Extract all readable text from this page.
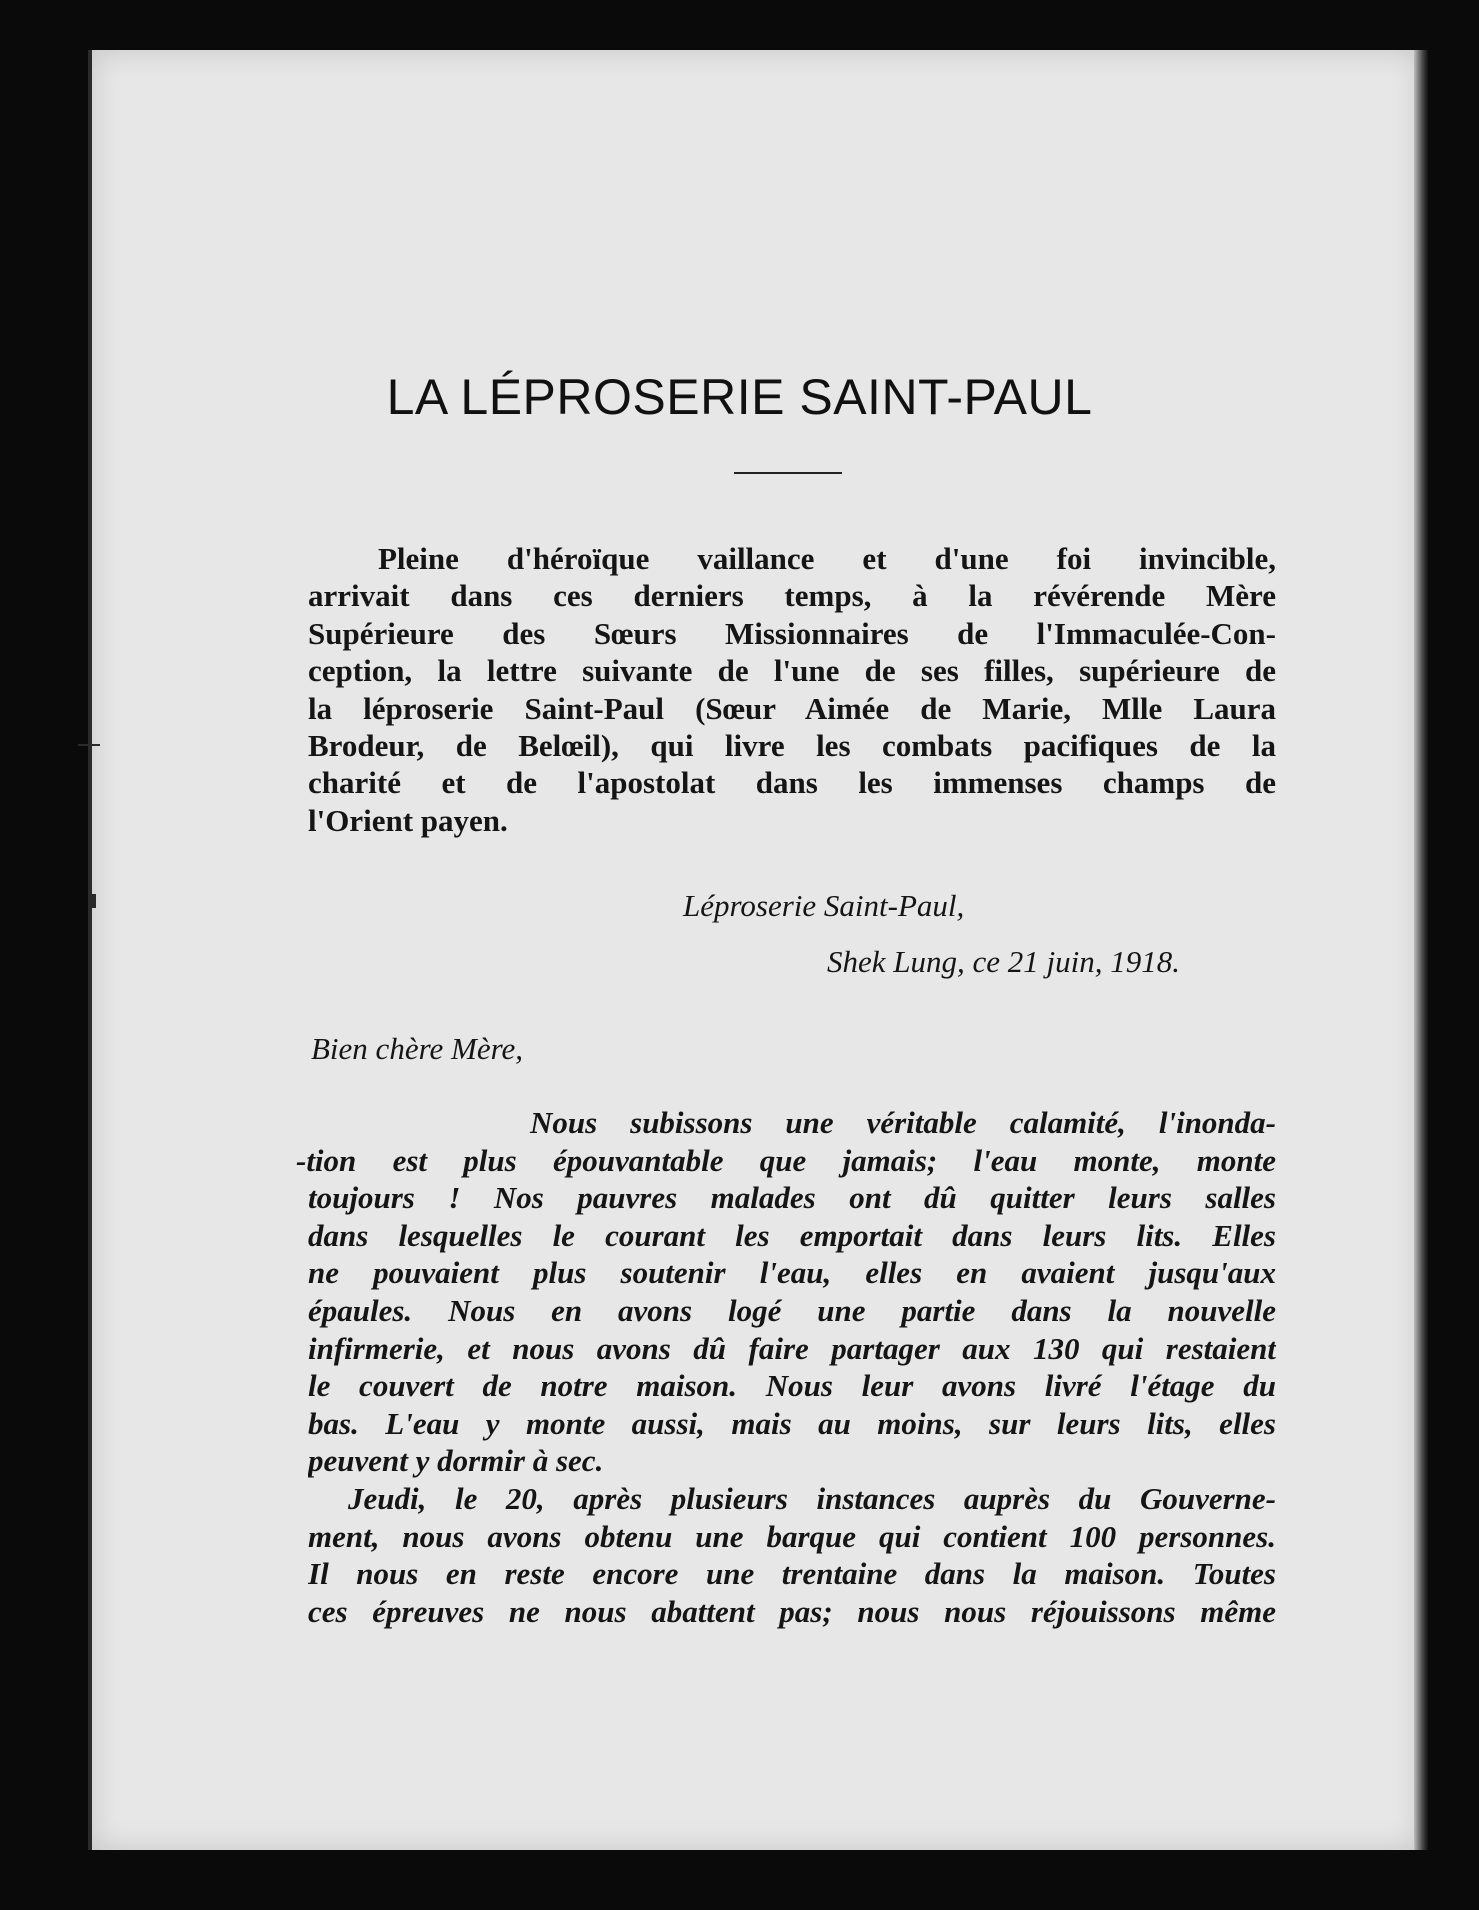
LA LÉPROSERIE SAINT-PAUL

Pleine d'héroïque vaillance et d'une foi invincible,
arrivait dans ces derniers temps, à la révérende Mère
Supérieure des Sœurs Missionnaires de l'Immaculée-Con-
ception, la lettre suivante de l'une de ses filles, supérieure de
la léproserie Saint-Paul (Sœur Aimée de Marie, Mlle Laura
Brodeur, de Belœil), qui livre les combats pacifiques de la
charité et de l'apostolat dans les immenses champs de
l'Orient payen.

Léproserie Saint-Paul,
Shek Lung, ce 21 juin, 1918.
Bien chère Mère,
Nous subissons une véritable calamité, l'inonda-
-tion est plus épouvantable que jamais; l'eau monte, monte
toujours ! Nos pauvres malades ont dû quitter leurs salles
dans lesquelles le courant les emportait dans leurs lits. Elles
ne pouvaient plus soutenir l'eau, elles en avaient jusqu'aux
épaules. Nous en avons logé une partie dans la nouvelle
infirmerie, et nous avons dû faire partager aux 130 qui restaient
le couvert de notre maison. Nous leur avons livré l'étage du
bas. L'eau y monte aussi, mais au moins, sur leurs lits, elles
peuvent y dormir à sec.
Jeudi, le 20, après plusieurs instances auprès du Gouverne-
ment, nous avons obtenu une barque qui contient 100 personnes.
Il nous en reste encore une trentaine dans la maison. Toutes
ces épreuves ne nous abattent pas; nous nous réjouissons même
